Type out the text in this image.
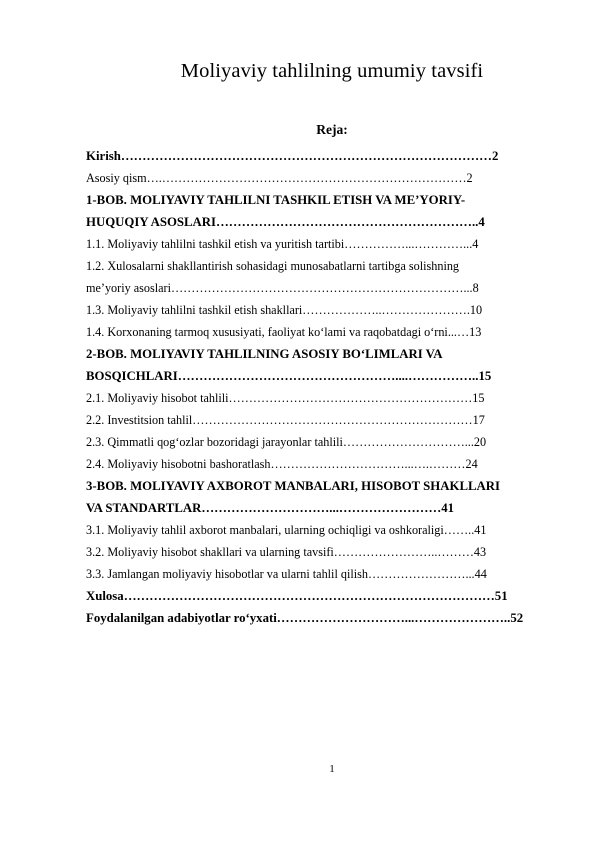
Moliyaviy tahlilning umumiy tavsifi
Reja:
Kirish……………………………………………………………………………2
Asosiy qism….…………………………………………………………………2
1-BOB. MOLIYAVIY TAHLILNI TASHKIL ETISH VA ME’YORIY-
HUQUQIY ASOSLARI……………………………………………………..4
1.1. Moliyaviy tahlilni tashkil etish va yuritish tartibi……………...…………...4
1.2. Xulosalarni shakllantirish sohasidagi munosabatlarni tartibga solishning
me’yoriy asoslari………………………………………………………………...8
1.3. Moliyaviy tahlilni tashkil etish shakllari………………..………………….10
1.4. Korxonaning tarmoq xususiyati, faoliyat ko‘lami va raqobatdagi o‘rni...…13
2-BOB. MOLIYAVIY TAHLILNING ASOSIY BO‘LIMLARI VA
BOSQICHLARI……………………………………………....……………..15
2.1. Moliyaviy hisobot tahlili……………………………………………………15
2.2. Investitsion tahlil……………………………………………………………17
2.3. Qimmatli qog‘ozlar bozoridagi jarayonlar tahlili…………………………...20
2.4. Moliyaviy hisobotni bashoratlash……………………………...….………24
3-BOB. MOLIYAVIY AXBOROT MANBALARI, HISOBOT SHAKLLARI
VA STANDARTLAR…………………………...……………………41
3.1. Moliyaviy tahlil axborot manbalari, ularning ochiqligi va oshkoraligi……..41
3.2. Moliyaviy hisobot shakllari va ularning tavsifi……………………..………43
3.3. Jamlangan moliyaviy hisobotlar va ularni tahlil qilish……………………...44
Xulosa……………………………………………………………………………51
Foydalanilgan adabiyotlar ro‘yxati…………………………...…………………..52
1
